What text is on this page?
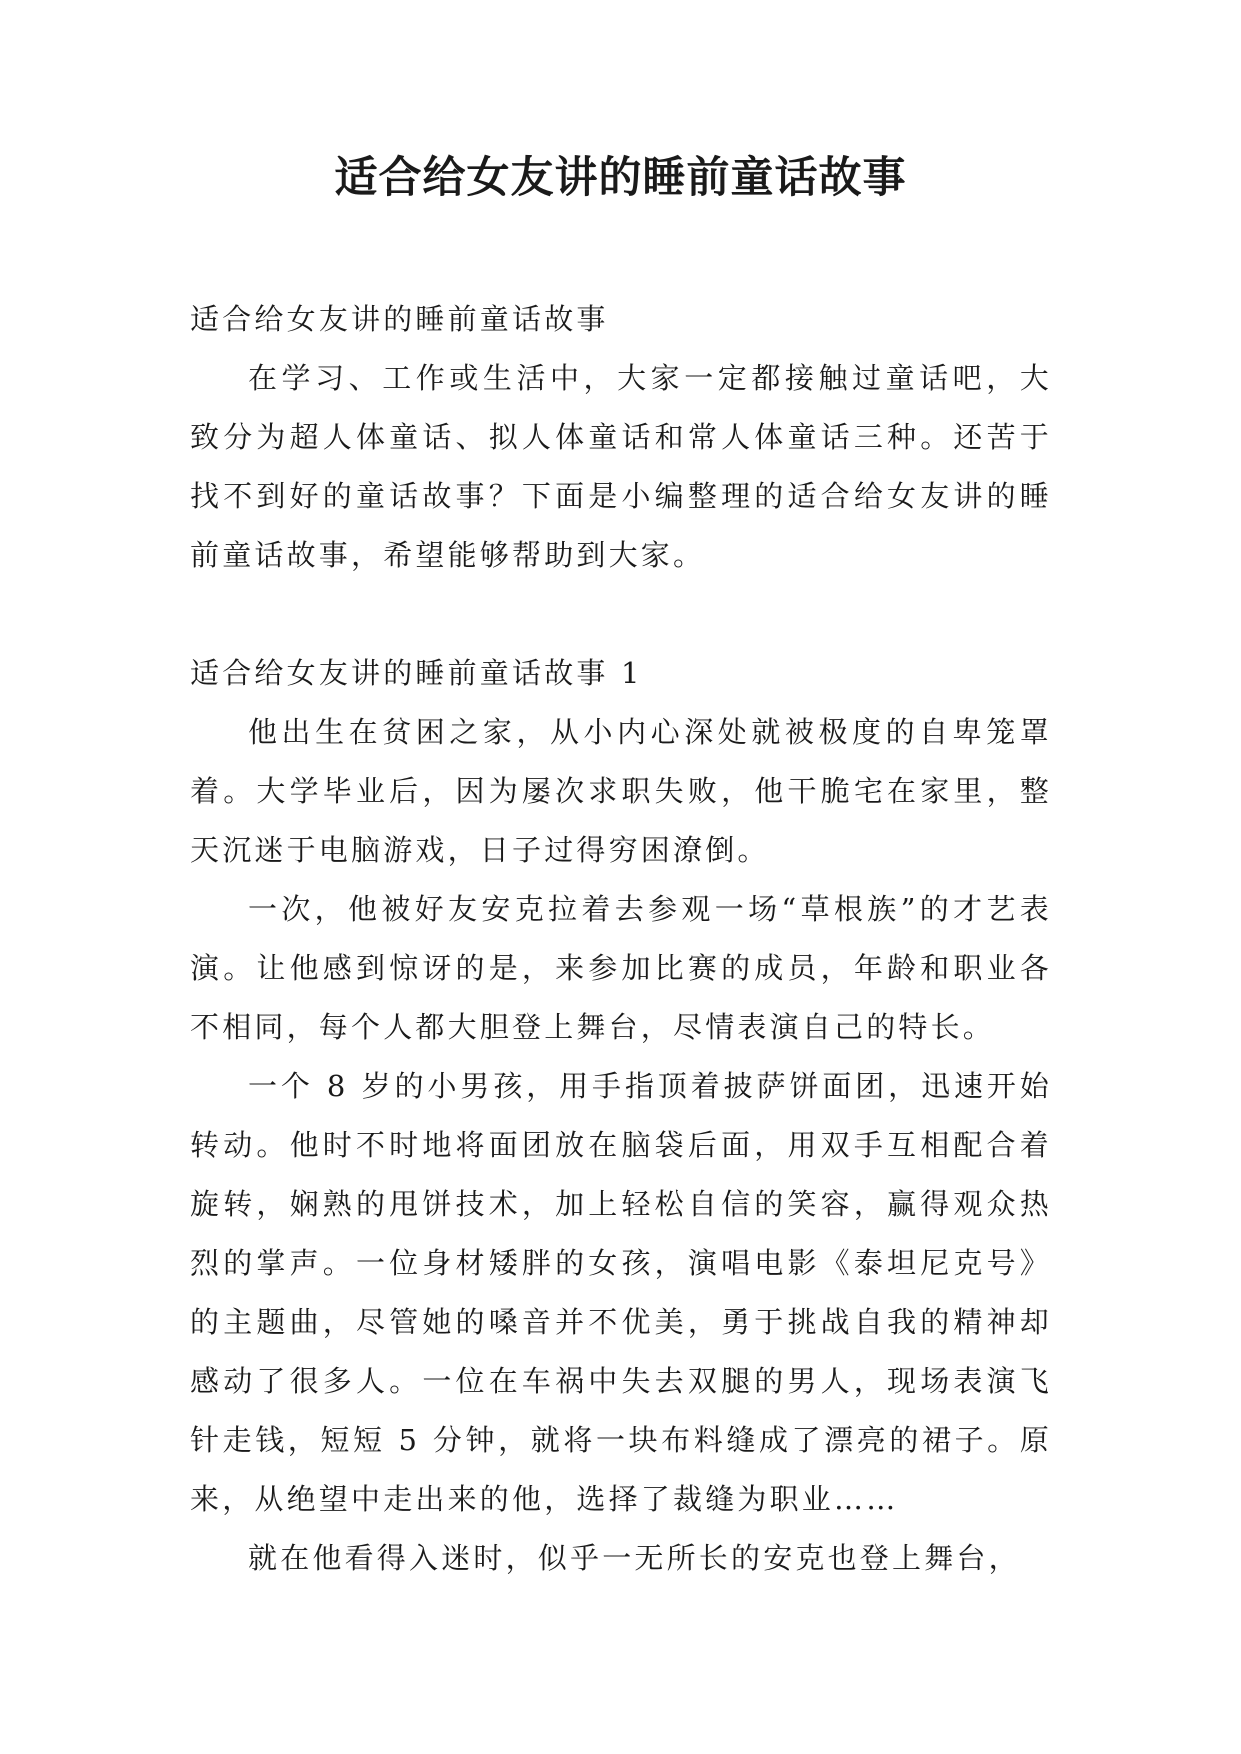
适合给女友讲的睡前童话故事

适合给女友讲的睡前童话故事

在学习、工作或生活中，大家一定都接触过童话吧，大致分为超人体童话、拟人体童话和常人体童话三种。还苦于找不到好的童话故事？下面是小编整理的适合给女友讲的睡前童话故事，希望能够帮助到大家。

适合给女友讲的睡前童话故事 1

他出生在贫困之家，从小内心深处就被极度的自卑笼罩着。大学毕业后，因为屡次求职失败，他干脆宅在家里，整天沉迷于电脑游戏，日子过得穷困潦倒。

一次，他被好友安克拉着去参观一场“草根族”的才艺表演。让他感到惊讶的是，来参加比赛的成员，年龄和职业各不相同，每个人都大胆登上舞台，尽情表演自己的特长。

一个 8 岁的小男孩，用手指顶着披萨饼面团，迅速开始转动。他时不时地将面团放在脑袋后面，用双手互相配合着旋转，娴熟的甩饼技术，加上轻松自信的笑容，赢得观众热烈的掌声。一位身材矮胖的女孩，演唱电影《泰坦尼克号》的主题曲，尽管她的嗓音并不优美，勇于挑战自我的精神却感动了很多人。一位在车祸中失去双腿的男人，现场表演飞针走钱，短短 5 分钟，就将一块布料缝成了漂亮的裙子。原来，从绝望中走出来的他，选择了裁缝为职业……

就在他看得入迷时，似乎一无所长的安克也登上舞台，
